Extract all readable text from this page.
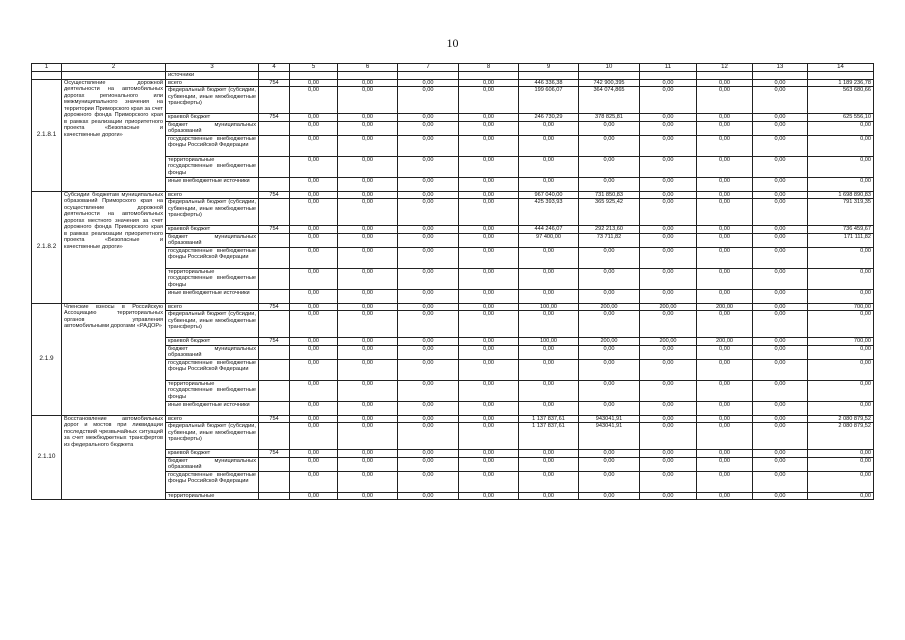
10
1	2	3	4	5	6	7	8	9	10	11	12	13	14
		источники											
2.1.8.1	Осуществление дорожной деятельности на автомобильных дорогах регионального или межмуниципального значения на территории Приморского края за счет дорожного фонда Приморского края в рамках реализации приоритетного проекта «Безопасные и качественные дороги»	всего	754	0,00	0,00	0,00	0,00	446 336,38	742 900,395	0,00	0,00	0,00	1 189 236,78
		федеральный бюджет (субсидии, субвенции, иные межбюджетные трансферты)		0,00	0,00	0,00	0,00	199 606,07	364 074,865	0,00	0,00	0,00	563 680,66
		краевой бюджет	754	0,00	0,00	0,00	0,00	246 730,29	378 825,81	0,00	0,00	0,00	625 556,10
		бюджет муниципальных образований		0,00	0,00	0,00	0,00	0,00	0,00	0,00	0,00	0,00	0,00
		государственные внебюджетные фонды Российской Федерации		0,00	0,00	0,00	0,00	0,00	0,00	0,00	0,00	0,00	0,00
		территориальные государственные внебюджетные фонды		0,00	0,00	0,00	0,00	0,00	0,00	0,00	0,00	0,00	0,00
		иные внебюджетные источники		0,00	0,00	0,00	0,00	0,00	0,00	0,00	0,00	0,00	0,00
2.1.8.2	Субсидии бюджетам муниципальных образований Приморского края на осуществление дорожной деятельности на автомобильных дорогах местного значения за счет дорожного фонда Приморского края в рамках реализации приоритетного проекта «Безопасные и качественные дороги»	всего	754	0,00	0,00	0,00	0,00	967 040,00	731 850,83	0,00	0,00	0,00	1 698 890,83
		федеральный бюджет (субсидии, субвенции, иные межбюджетные трансферты)		0,00	0,00	0,00	0,00	425 393,93	365 925,42	0,00	0,00	0,00	791 319,35
		краевой бюджет	754	0,00	0,00	0,00	0,00	444 246,07	292 213,60	0,00	0,00	0,00	736 459,67
		бюджет муниципальных образований		0,00	0,00	0,00	0,00	97 400,00	73 711,82	0,00	0,00	0,00	171 111,82
		государственные внебюджетные фонды Российской Федерации		0,00	0,00	0,00	0,00	0,00	0,00	0,00	0,00	0,00	0,00
		территориальные государственные внебюджетные фонды		0,00	0,00	0,00	0,00	0,00	0,00	0,00	0,00	0,00	0,00
		иные внебюджетные источники		0,00	0,00	0,00	0,00	0,00	0,00	0,00	0,00	0,00	0,00
2.1.9	Членские взносы в Российскую Ассоциацию территориальных органов управления автомобильными дорогами «РАДОР»	всего	754	0,00	0,00	0,00	0,00	100,00	200,00	200,00	200,00	0,00	700,00
		федеральный бюджет (субсидии, субвенции, иные межбюджетные трансферты)		0,00	0,00	0,00	0,00	0,00	0,00	0,00	0,00	0,00	0,00
		краевой бюджет	754	0,00	0,00	0,00	0,00	100,00	200,00	200,00	200,00	0,00	700,00
		бюджет муниципальных образований		0,00	0,00	0,00	0,00	0,00	0,00	0,00	0,00	0,00	0,00
		государственные внебюджетные фонды Российской Федерации		0,00	0,00	0,00	0,00	0,00	0,00	0,00	0,00	0,00	0,00
		территориальные государственные внебюджетные фонды		0,00	0,00	0,00	0,00	0,00	0,00	0,00	0,00	0,00	0,00
		иные внебюджетные источники		0,00	0,00	0,00	0,00	0,00	0,00	0,00	0,00	0,00	0,00
2.1.10	Восстановление автомобильных дорог и мостов при ликвидации последствий чрезвычайных ситуаций за счет межбюджетных трансфертов из федерального бюджета	всего	754	0,00	0,00	0,00	0,00	1 137 837,61	943041,91	0,00	0,00	0,00	2 080 879,52
		федеральный бюджет (субсидии, субвенции, иные межбюджетные трансферты)		0,00	0,00	0,00	0,00	1 137 837,61	943041,91	0,00	0,00	0,00	2 080 879,52
		краевой бюджет	754	0,00	0,00	0,00	0,00	0,00	0,00	0,00	0,00	0,00	0,00
		бюджет муниципальных образований		0,00	0,00	0,00	0,00	0,00	0,00	0,00	0,00	0,00	0,00
		государственные внебюджетные фонды Российской Федерации		0,00	0,00	0,00	0,00	0,00	0,00	0,00	0,00	0,00	0,00
		территориальные		0,00	0,00	0,00	0,00	0,00	0,00	0,00	0,00	0,00	0,00
